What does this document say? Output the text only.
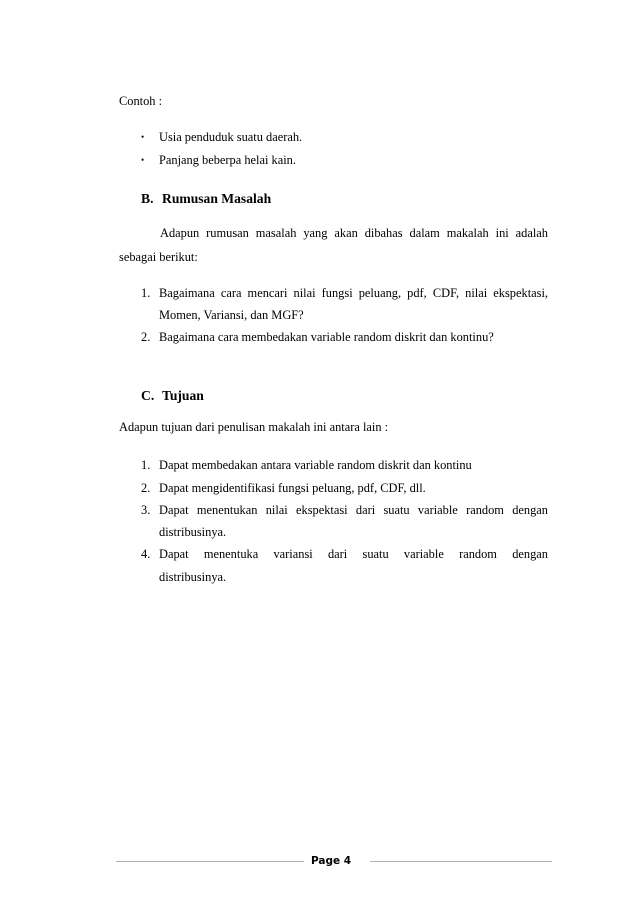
Contoh :
• Usia penduduk suatu daerah.
• Panjang beberpa helai kain.
B. Rumusan Masalah
Adapun rumusan masalah yang akan dibahas dalam makalah ini adalah
sebagai berikut:
1. Bagaimana cara mencari nilai fungsi peluang, pdf, CDF, nilai ekspektasi,
Momen, Variansi, dan MGF?
2. Bagaimana cara membedakan variable random diskrit dan kontinu?
C. Tujuan
Adapun tujuan dari penulisan makalah ini antara lain :
1. Dapat membedakan antara variable random diskrit dan kontinu
2. Dapat mengidentifikasi fungsi peluang, pdf, CDF, dll.
3. Dapat menentukan nilai ekspektasi dari suatu variable random dengan
distribusinya.
4. Dapat menentuka variansi dari suatu variable random dengan
distribusinya.
Page 4
